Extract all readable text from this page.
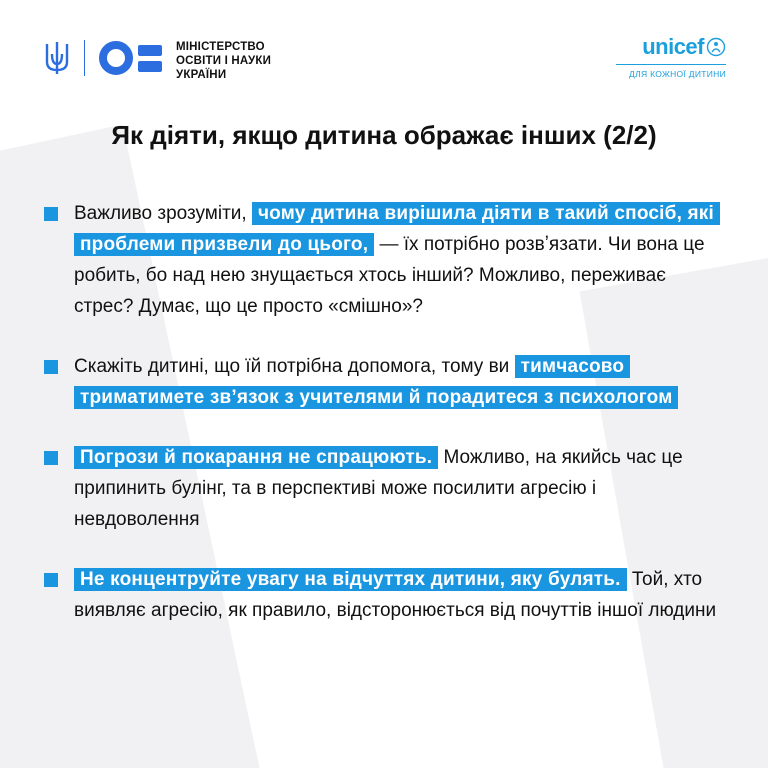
МІНІСТЕРСТВО
ОСВІТИ І НАУКИ
УКРАЇНИ
unicef
ДЛЯ КОЖНОЇ ДИТИНИ
Як діяти, якщо дитина ображає інших (2/2)
Важливо зрозуміти, чому дитина вирішила діяти в такий спосіб, які проблеми призвели до цього, — їх потрібно розвʼязати. Чи вона це робить, бо над нею знущається хтось інший? Можливо, переживає стрес? Думає, що це просто «смішно»?
Скажіть дитині, що їй потрібна допомога, тому ви тимчасово триматимете звʼязок з учителями й порадитеся з психологом
Погрози й покарання не спрацюють. Можливо, на якийсь час це припинить булінг, та в перспективі може посилити агресію і невдоволення
Не концентруйте увагу на відчуттях дитини, яку булять. Той, хто виявляє агресію, як правило, відсторонюється від почуттів іншої людини
